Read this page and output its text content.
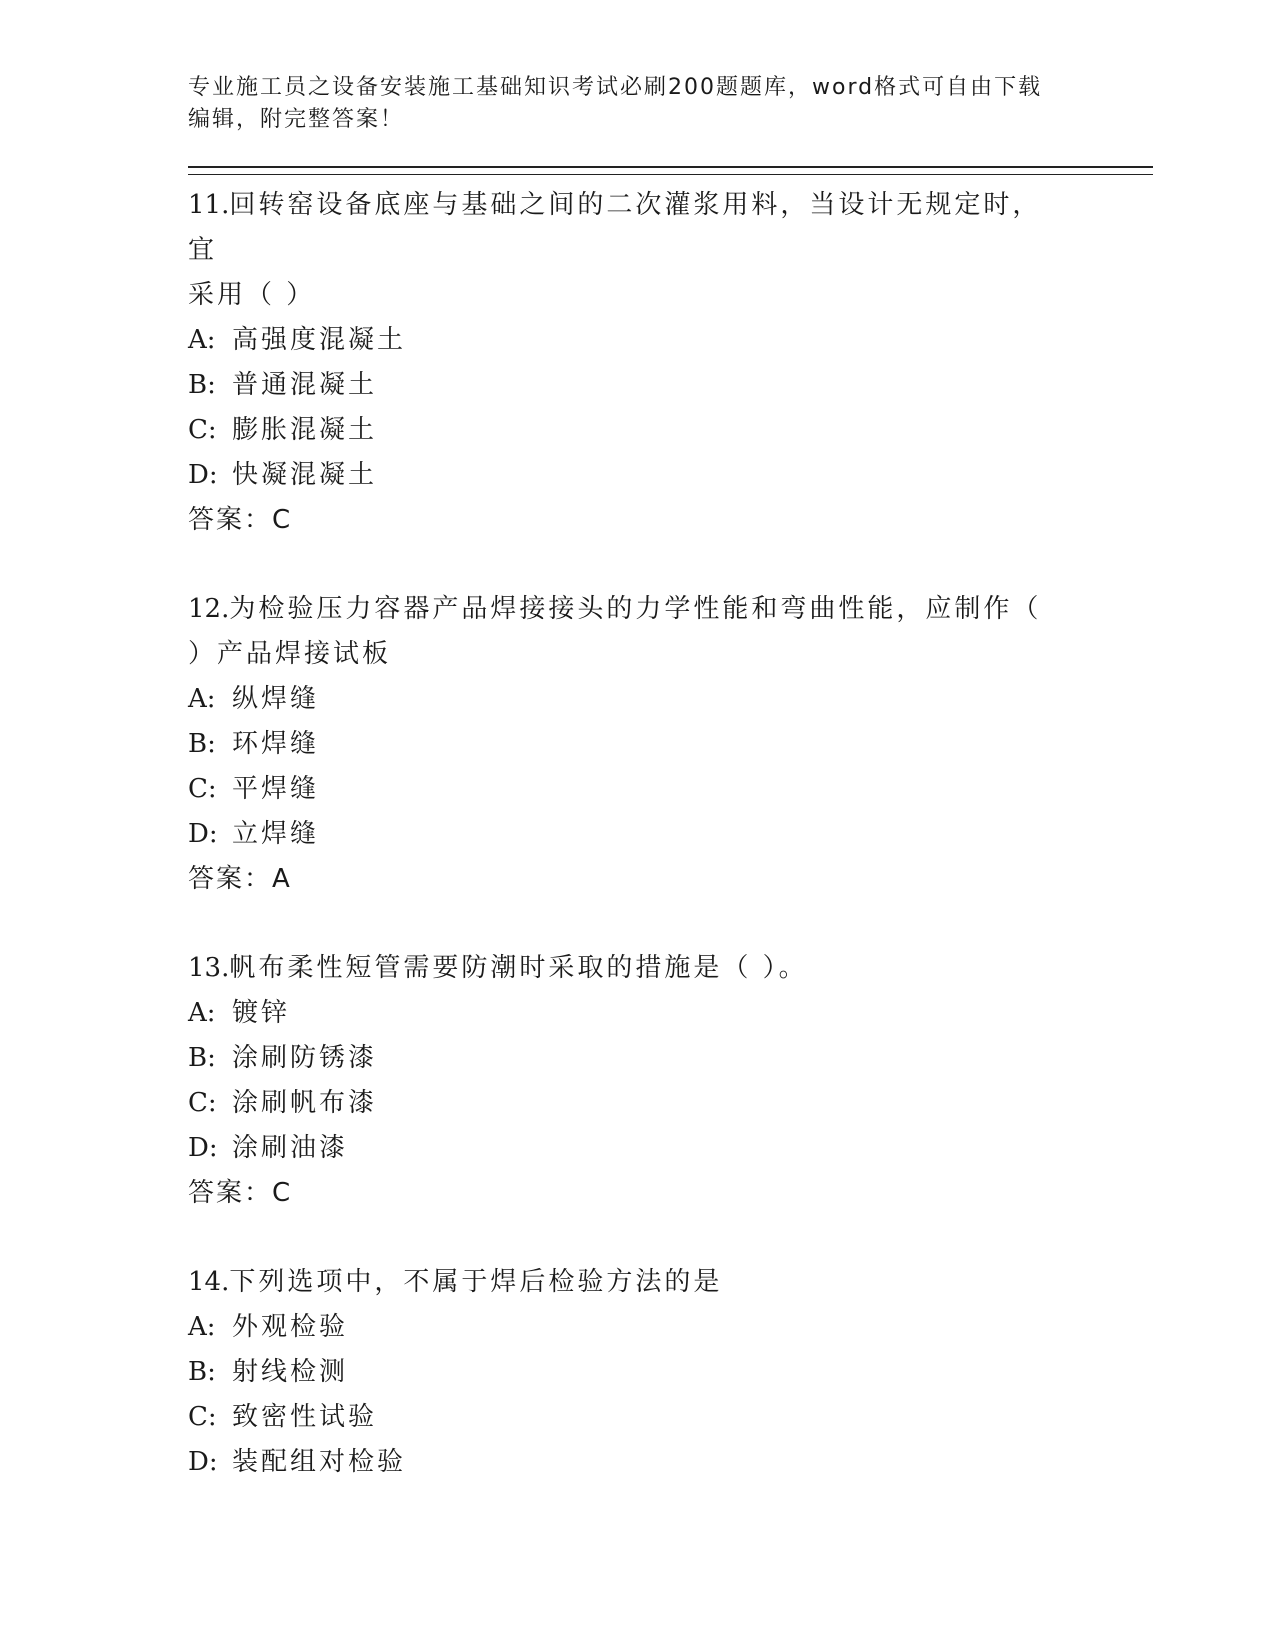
专业施工员之设备安装施工基础知识考试必刷200题题库，word格式可自由下载
编辑，附完整答案！
11.回转窑设备底座与基础之间的二次灌浆用料，当设计无规定时，宜
采用（ ）
A: 高强度混凝土
B: 普通混凝土
C: 膨胀混凝土
D: 快凝混凝土
答案：C
12.为检验压力容器产品焊接接头的力学性能和弯曲性能，应制作（
）产品焊接试板
A: 纵焊缝
B: 环焊缝
C: 平焊缝
D: 立焊缝
答案：A
13.帆布柔性短管需要防潮时采取的措施是（ ）。
A: 镀锌
B: 涂刷防锈漆
C: 涂刷帆布漆
D: 涂刷油漆
答案：C
14.下列选项中，不属于焊后检验方法的是
A: 外观检验
B: 射线检测
C: 致密性试验
D: 装配组对检验
